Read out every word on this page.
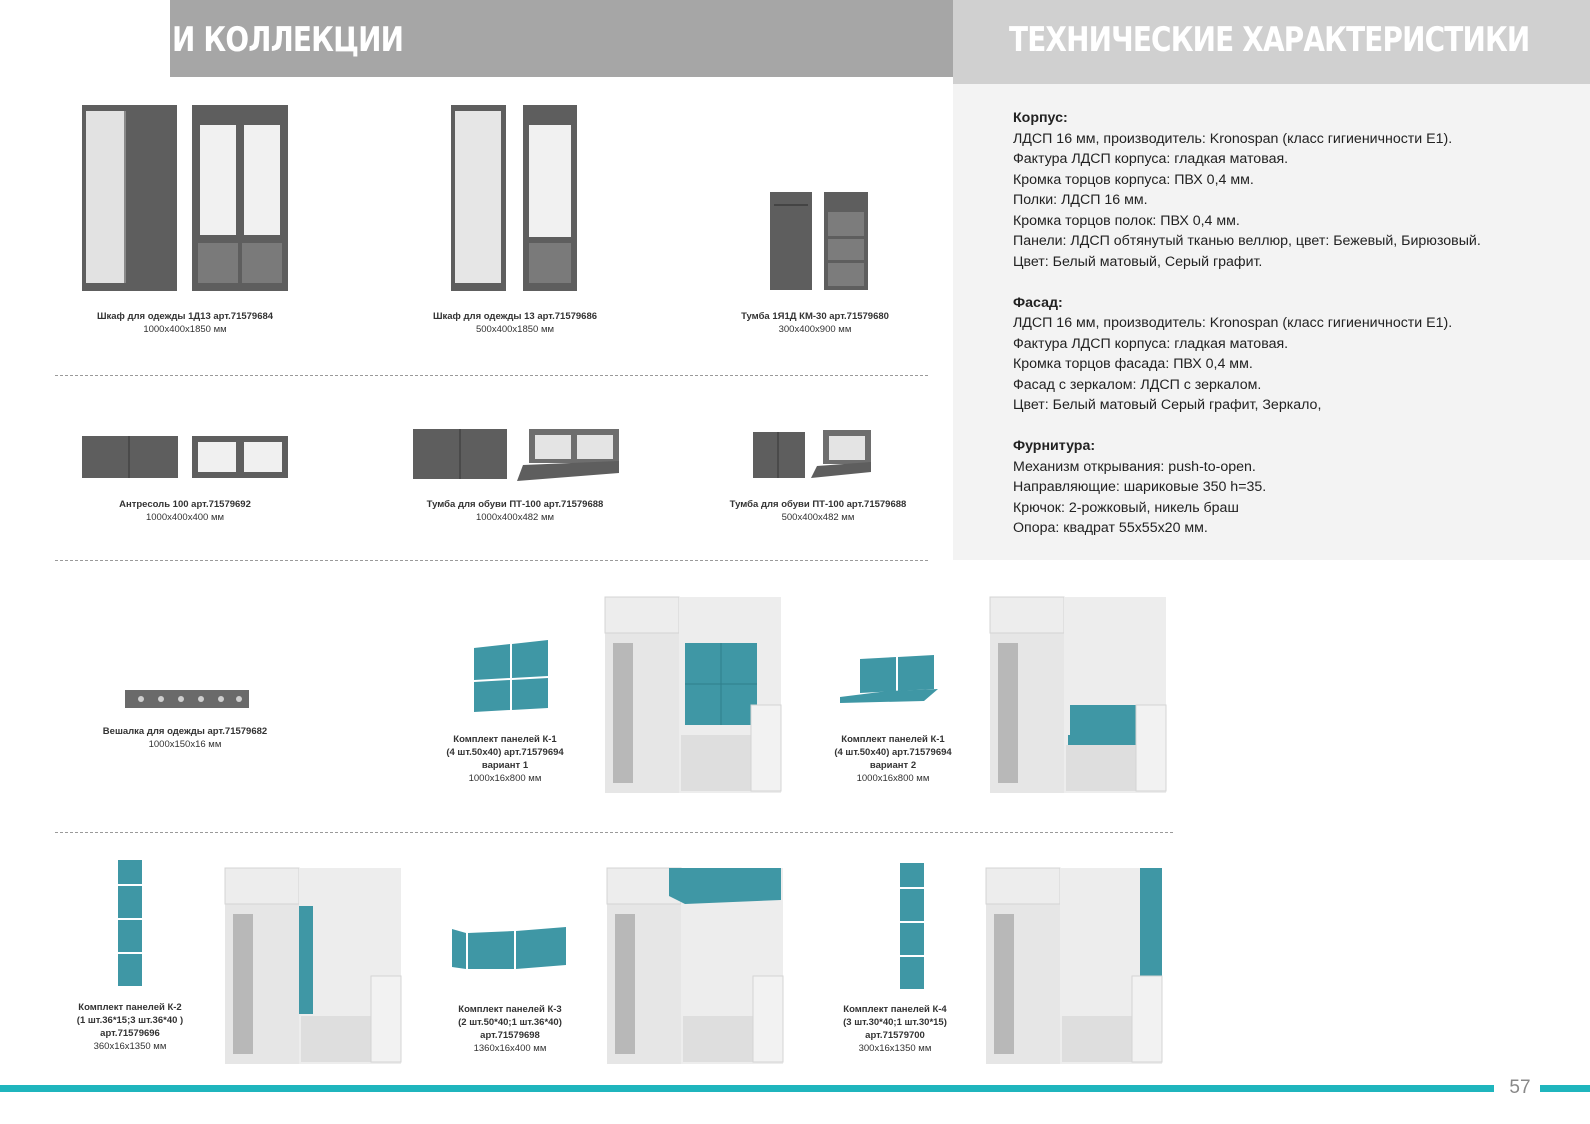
И КОЛЛЕКЦИИ	ТЕХНИЧЕСКИЕ ХАРАКТЕРИСТИКИ
Корпус:
ЛДСП 16 мм, производитель: Kronospan (класс гигиеничности Е1).
Фактура ЛДСП корпуса: гладкая матовая.
Кромка торцов корпуса: ПВХ 0,4 мм.
Полки: ЛДСП 16 мм.
Кромка торцов полок: ПВХ 0,4 мм.
Панели: ЛДСП обтянутый тканью веллюр, цвет: Бежевый, Бирюзовый.
Цвет: Белый матовый, Серый графит.
Фасад:
ЛДСП 16 мм, производитель: Kronospan (класс гигиеничности Е1).
Фактура ЛДСП корпуса: гладкая матовая.
Кромка торцов фасада: ПВХ 0,4 мм.
Фасад с зеркалом: ЛДСП с зеркалом.
Цвет: Белый матовый Серый графит, Зеркало,
Фурнитура:
Механизм открывания: push-to-open.
Направляющие: шариковые 350 h=35.
Крючок: 2-рожковый, никель браш
Опора: квадрат 55х55х20 мм.
Шкаф для одежды 1Д13 арт.71579684
1000х400х1850 мм
Шкаф для одежды 13 арт.71579686
500х400х1850 мм
Тумба 1Я1Д КМ-30 арт.71579680
300х400х900 мм
Антресоль 100 арт.71579692
1000х400х400 мм
Тумба для обуви ПТ-100 арт.71579688
1000х400х482 мм
Тумба для обуви ПТ-100 арт.71579688
500х400х482 мм
Вешалка для одежды арт.71579682
1000х150х16 мм	Комплект панелей К-1
(4 шт.50х40) арт.71579694
вариант 1
1000х16х800 мм
Комплект панелей К-1
(4 шт.50х40) арт.71579694
вариант 2
1000х16х800 мм
Комплект панелей К-2
(1 шт.36*15;3 шт.36*40 )
арт.71579696
360х16х1350 мм
Комплект панелей К-3
(2 шт.50*40;1 шт.36*40)
арт.71579698
1360х16х400 мм
Комплект панелей К-4
(3 шт.30*40;1 шт.30*15)
арт.71579700
300х16х1350 мм
57
